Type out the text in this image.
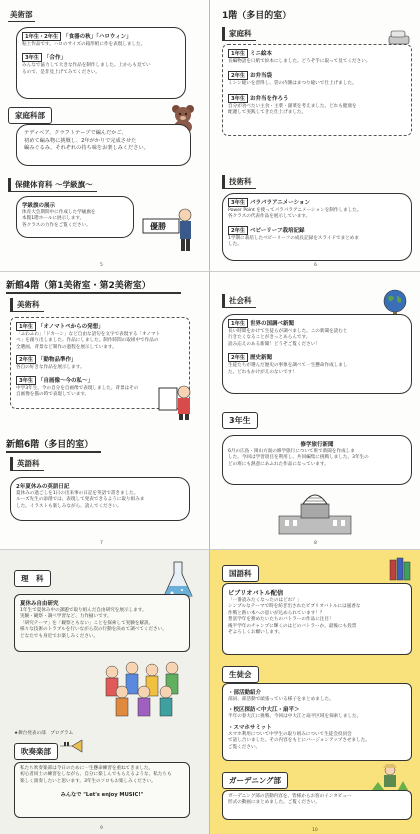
美術部
1年生・2年生 「食器の秋」「ハロウィン」

粘土作品です。ハロのサイズの箱形紙に作を表現しました。

3年生 「合作」

みんなで協力して大きな作品を制作しました。上からも見てい

るので、是非見上げてみてください。

家庭科部

テディベア、クラフトテープで編んだかご、

初めて編み物に挑戦し、2年がかりで完成させた

編みぐるみ。それぞれの持ち味をお楽しみください。

保健体育科 ～学級旗～
学級旗の展示

体育大会期間中に作成した学級旗を

本館1階ホールに展示します。

各クラスの力作をご覧ください。	優勝
5
1階（多目的室）
家庭科
1年生 ミニ絵本

長編物語を口紙で絵本にしました。どうぞ手に取って見てください。

2年生 お弁当袋

ミシン縫いを習得し、袋の内側はまつり縫いで仕上げました。

3年生 お弁当を作ろう

自分が食べたい主食・主菜・副菜を考えました。どれも健康を

配慮して実践してきた仕上げました。

技術科
3年生 パラパラアニメーション

Power Point を使ってパラパラアニメーションを制作しました。

各クラスの代表作品を展示しています。

2年生 ベビーリーフ栽培記録

1学期に栽培したベビーリーフの成長記録をスライドでまとめま

した。

6
新館4階（第1美術室・第2美術室）
美術科
1年生 「オノマトペからの発想」

「ふわふわ」「ドカーン」など自由な語句を文字で表現する「オノマト

ペ」を創り出しました。作品にしました。制作時間の取組中で作品の

全選画、背景など制作の過程を展示しています。

2年生 「動物品準作」

各自の好きな作品を展示します。

3年生 「自画像～今の私～」

中学3年生、今の自分を自画像で表現しました。背景はその

自画像を描の時で表現しています。

新館6階（多目的室）
英語科
2年夏休みの英語日記

夏休みの過ごしを1日の出来事の日記を英語で書きました。

ルーズ先生の添削では、表現して発表できるように取り組みま

した。イラストも楽しみながら、読んでください。

7
社会科
1年生 世界の国調べ新聞

長い時間をかけて生徒らが調べました。この新聞を読むと

行きたくなることがきっとあらんです。

読み応えのある新聞！どうぞご覧ください！

2年生 歴史新聞

生徒たちが選んだ歴史の事象を調べて一生懸命作成しまし

た。どれもかけがえのないです！

3年生
修学旅行新聞

6月の広島・岡山方面の修学旅行について班で新聞を作成しま

した。今回は学習項目を利用し、共同編集に挑戦しました。3年生の

どの班にも熱意にあふれた作品になっています。

8
理　科
夏休み自由研究

1年生で夏休み中の課題で取り組んだ自由研究を展示します。

実験・観察・調べ学習など、力作揃いです。

「研究テーマ」を「観察ともない」ことを探索して実験を解説、

様々な技術のトラブルを行いながら次の行動を決めて調べてください。

どなたでも身近でお楽しみください。

★舞台発表の部　プログラム
吹奏楽部

私たち吹奏楽部は今日のために一生懸命練習を重ねてきました。

初心者同士の練習をしながら、自分に楽しんでもらえるような、私たちも

楽しく演奏したいと思います。3年生のソロもお楽しみください。

みんなで "Let's enjoy MUSIC!"
9
国語科
ビブリオバトル配信

「一番読みたくなったのはどれ？」

シンプルなテーマで時を紡ぎ出されたビブリオバトルには風香な

作戦と熱い本への思いが込められています！？

豊富学年を務めたいたちのバトラーの作品に注目！

後半学年のチャンプに輝くのはどのバトラーか。最後にも投票

ぞよろしくお願いします。

生徒会
・部活動紹介

部員、部活動で頑張っている様子をまとめました。

・校区探訪＜中大江・扇平＞

半年の春大江に挑戦、今回は中大江と扇平区域を探索しました。

・スマホサミット

スマホ利用について中学生の取り組みについて生徒会役員会

で話し合いました。その内容をもとにバージョンアップさせました。

ご覧ください。

ガーデニング部

ガーデニング部の活動内容を、皆様からお客のインタビュー

形式の動画にまとめました。ご覧ください。

10
